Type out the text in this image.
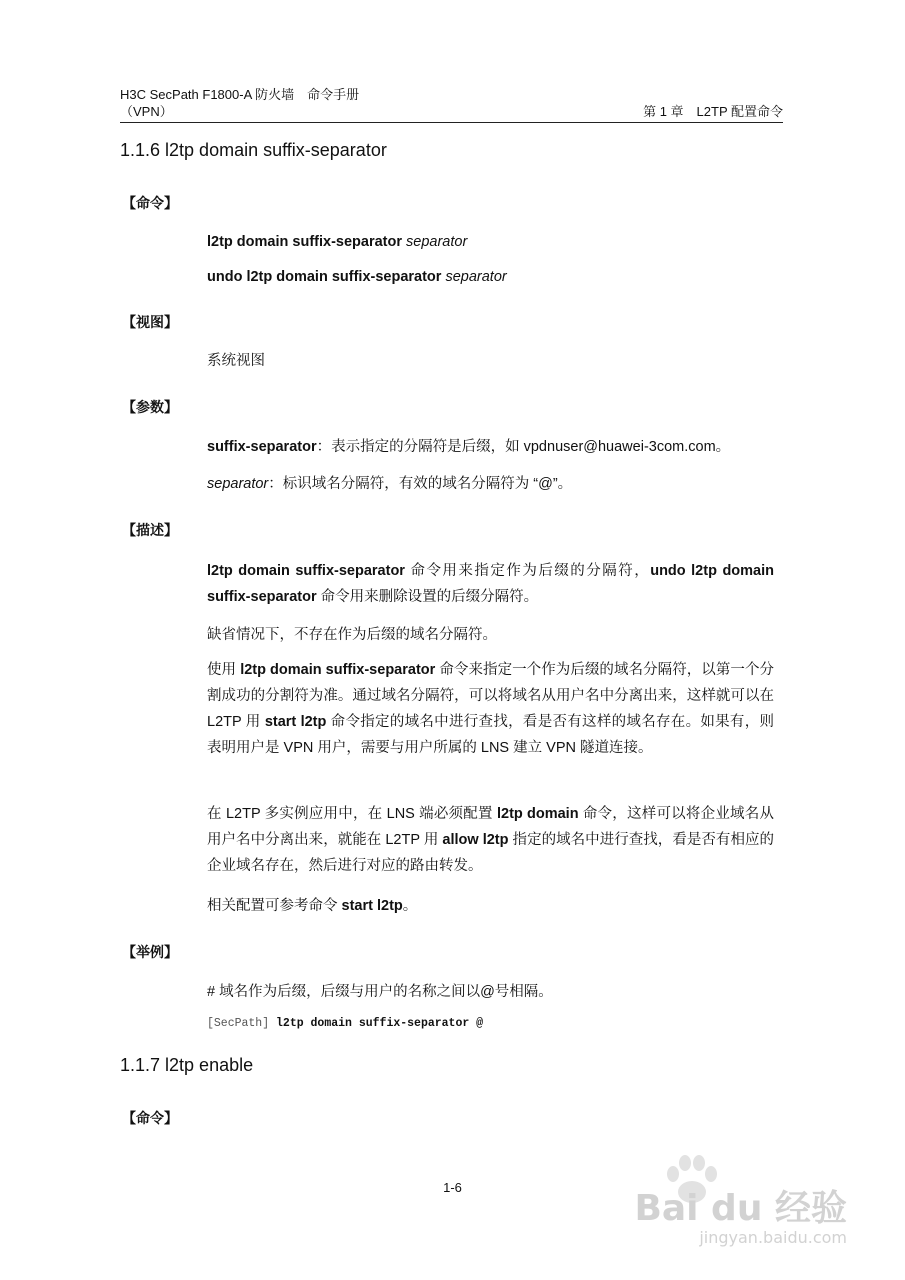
H3C SecPath F1800-A 防火墙　命令手册
（VPN）	第 1 章　L2TP 配置命令
1.1.6 l2tp domain suffix-separator
【命令】
l2tp domain suffix-separator separator
undo l2tp domain suffix-separator separator
【视图】
系统视图
【参数】
suffix-separator：表示指定的分隔符是后缀，如 vpdnuser@huawei-3com.com。
separator：标识域名分隔符，有效的域名分隔符为 “@”。
【描述】
l2tp domain suffix-separator 命令用来指定作为后缀的分隔符，undo l2tp domain suffix-separator 命令用来删除设置的后缀分隔符。
缺省情况下，不存在作为后缀的域名分隔符。
使用 l2tp domain suffix-separator 命令来指定一个作为后缀的域名分隔符，以第一个分割成功的分割符为准。通过域名分隔符，可以将域名从用户名中分离出来，这样就可以在 L2TP 用 start l2tp 命令指定的域名中进行查找，看是否有这样的域名存在。如果有，则表明用户是 VPN 用户，需要与用户所属的 LNS 建立 VPN 隧道连接。
在 L2TP 多实例应用中，在 LNS 端必须配置 l2tp domain 命令，这样可以将企业域名从用户名中分离出来，就能在 L2TP 用 allow l2tp 指定的域名中进行查找，看是否有相应的企业域名存在，然后进行对应的路由转发。
相关配置可参考命令 start l2tp。
【举例】
# 域名作为后缀，后缀与用户的名称之间以@号相隔。
[SecPath] l2tp domain suffix-separator @
1.1.7 l2tp enable
【命令】
1-6
Bai du 经验
jingyan.baidu.com
